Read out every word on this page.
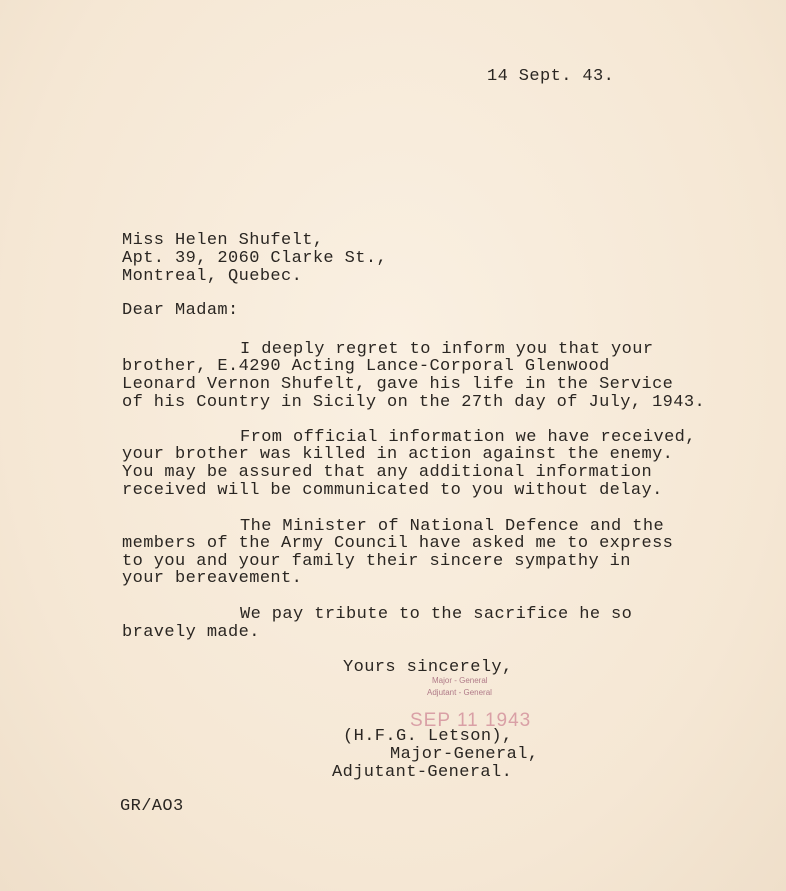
14 Sept. 43.
Miss Helen Shufelt,
Apt. 39, 2060 Clarke St.,
Montreal, Quebec.
Dear Madam:
I deeply regret to inform you that your
brother, E.4290 Acting Lance-Corporal Glenwood
Leonard Vernon Shufelt, gave his life in the Service
of his Country in Sicily on the 27th day of July, 1943.
From official information we have received,
your brother was killed in action against the enemy.
You may be assured that any additional information
received will be communicated to you without delay.
The Minister of National Defence and the
members of the Army Council have asked me to express
to you and your family their sincere sympathy in
your bereavement.
We pay tribute to the sacrifice he so
bravely made.
Yours sincerely,
Major - General
Adjutant - General
SEP 11 1943
(H.F.G. Letson),
Major-General,
Adjutant-General.
GR/AO3
